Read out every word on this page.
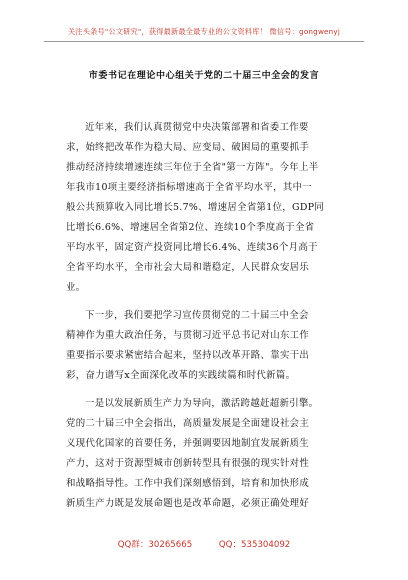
关注头条号"公文研究"，获得最新最全最专业的公文资料库！ 微信号：gongwenyj
市委书记在理论中心组关于党的二十届三中全会的发言
近年来，我们认真贯彻党中央决策部署和省委工作要
求，始终把改革作为稳大局、应变局、破困局的重要抓手
推动经济持续增速连续三年位于全省"第一方阵"。今年上半
年我市10项主要经济指标增速高于全省平均水平，其中一
般公共预算收入同比增长5.7%、增速居全省第1位，GDP同
比增长6.6%、增速居全省第2位、连续10个季度高于全省
平均水平，固定资产投资同比增长6.4%、连续36个月高于
全省平均水平，全市社会大局和谐稳定，人民群众安居乐
业。
下一步，我们要把学习宣传贯彻党的二十届三中全会
精神作为重大政治任务，与贯彻习近平总书记对山东工作
重要指示要求紧密结合起来，坚持以改革开路、靠实干出
彩，奋力谱写x全面深化改革的实践续篇和时代新篇。
一是以发展新质生产力为导向，激活跨越赶超新引擎。
党的二十届三中全会指出，高质量发展是全面建设社会主
义现代化国家的首要任务，并强调要因地制宜发展新质生
产力，这对于资源型城市创新转型具有很强的现实针对性
和战略指导性。工作中我们深刻感悟到，培育和加快形成
新质生产力既是发展命题也是改革命题，必须正确处理好
QQ群：30265665	QQ：535304092
